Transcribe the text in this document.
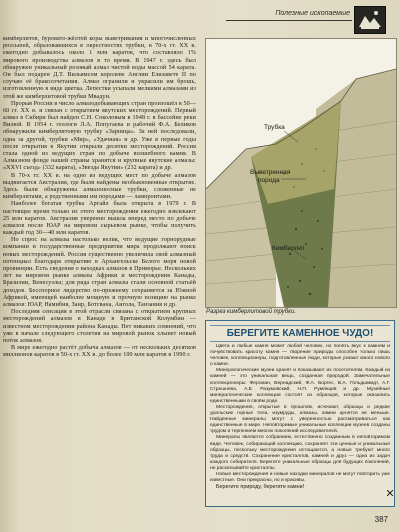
Полезные ископаемые

кимберлитов, буровато-жёлтой коры выветривания и многочисленных россыпей, образовавшихся в окрестностях трубки, в 70-х гг. XX в. ежегодно добывалось около 1 млн каратов, что составляло 1% мирового производства алмазов в то время. В 1947 г. здесь был обнаружен уникальный розовый алмаз чистой воды массой 54 карата. Он был подарен Д.Т. Вильямсом королеве Англии Елизавете II по случаю её бракосочетания. Алмаз огранили и украсили им брошь, изготовленную в виде цветка. Лепестки усыпали мелкими алмазами из этой же кимберлитовой трубки Мвадуи.

Прорыв России в число алмазодобывающих стран произошёл в 50—60 гг. XX в. и связан с открытием якутских месторождений. Первый алмаз в Сибири был найден С.Н. Соколовым в 1948 г. в бассейне реки Вилюй. В 1954 г. геологи Л.А. Попугаева и рабочий Ф.А. Беликов обнаружили кимберлитовую трубку «Зарница». За ней последовали, одна за другой, трубки «Мир», «Удачная» и др. Уже в первые годы после открытия в Якутии открыли десятки месторождений. Россия стала одной из ведущих стран по добыче волшебного камня. В Алмазном фонде нашей страны хранятся и крупные якутские алмазы: «XXVI съезд» (332 карата), «Звезда Якутии» (232 карата) и др.

В 70-х гг. XX в. на одно из ведущих мест по добыче алмазов выдвигается Австралия, где были найдены необыкновенные открытие. Здесь были обнаружены алмазоносные трубки, сложенные не кимберлитами, а родственными им породами — лампроитами.

Наиболее богатая трубка Аргайл была открыта в 1979 г. В настоящее время только из этого месторождения ежегодно извлекают 25 млн каратов. Австралия уверенно вышла вперед место по добыче алмазов после ЮАР на мировом сырьевом рынке, чтобы получить каждый год 30—40 млн каратов.

Но спрос на алмазы настолько велик, что ведущие горнорудные компании и государственные предприятия мира продолжают поиск новых месторождений. Россия существенно увеличила свой алмазный потенциал благодаря открытию в Архангельске Белого моря новой провинции. Есть сведения о находках алмазов в Приморье. Нескольких лет на мировом рынке алмазы Африки и месторождения Канады, Бразилии, Венесуэлы; для ряда стран алмазы стали основной статьёй доходов. Бесспорное лидерство по-прежнему сохраняется за Южной Африкой, имеющей наиболее мощную и прочную позицию на рынке алмазов: ЮАР, Намибия, Заир, Ботсвана, Ангола, Танзания и др.

Последняя сенсация в этой отрасли связана с открытием крупных месторождений алмазов в Канаде в Британской Колумбии — известном месторождении района Канады. Нет никаких сомнений, что уже в начале следующего столетия на мировой рынок хлынет новый поток алмазов.

В мире ежегодно растёт добыча алмазов — от нескольких десятков миллионов каратов в 50-х гг. XX в. до более 100 млн каратов в 1990 г.

Трубка
Выветренная
порода
Кимберлит
Разрез кимберлитовой трубки.
БЕРЕГИТЕ КАМЕННОЕ ЧУДО!

Цвета и любые камня может любой человек, но понять вкус к камням и почувствовать красоту камня — творение природы способен только лишь человек, коллекционеры, подготовленные люди, которые узнают много нового о камне.

Минералогические музеи хранят и показывают их посетителям. Каждый из камней — это уникальная вещь, созданная природой. Замечательные коллекционеры: Ферсман, Вернадский, Ф.А. Боргес, В.А. Гольдшмидт, А.Г. Стрешнева, А.Е. Разумовский, Н.П. Румянцев и др. Музейные минералогические коллекции состоят из образцов, которые оказались единственными в своём роде.

Месторождения, открытые в прошлом, исчезают, образцы и редкие уральские горные тела, изумруды, алмазы, камни ценятся не меньше. Найденные минералы могут с уверенностью рассматриваться как единственные в мире. Неповторимые уникальные коллекции музеев созданы трудом и терпением многих поколений исследователей.

Минералы являются собранием, естественно созданным в неповторимом виде. Человек, собирающий коллекцию, сохраняет эти ценные и уникальные образцы, поскольку месторождения истощаются, а новые требуют много труда и средств. Сохранение кристаллов, камней и друз — одна из задач каждого собирателя. Берегите уникальные образцы для будущих поколений, не раскалывайте кристаллы.

Новые месторождения и новые находки минералов не могут повторить уже известные. Они прекрасны, но и красивы.

Берегите природу, берегите камни!

387
